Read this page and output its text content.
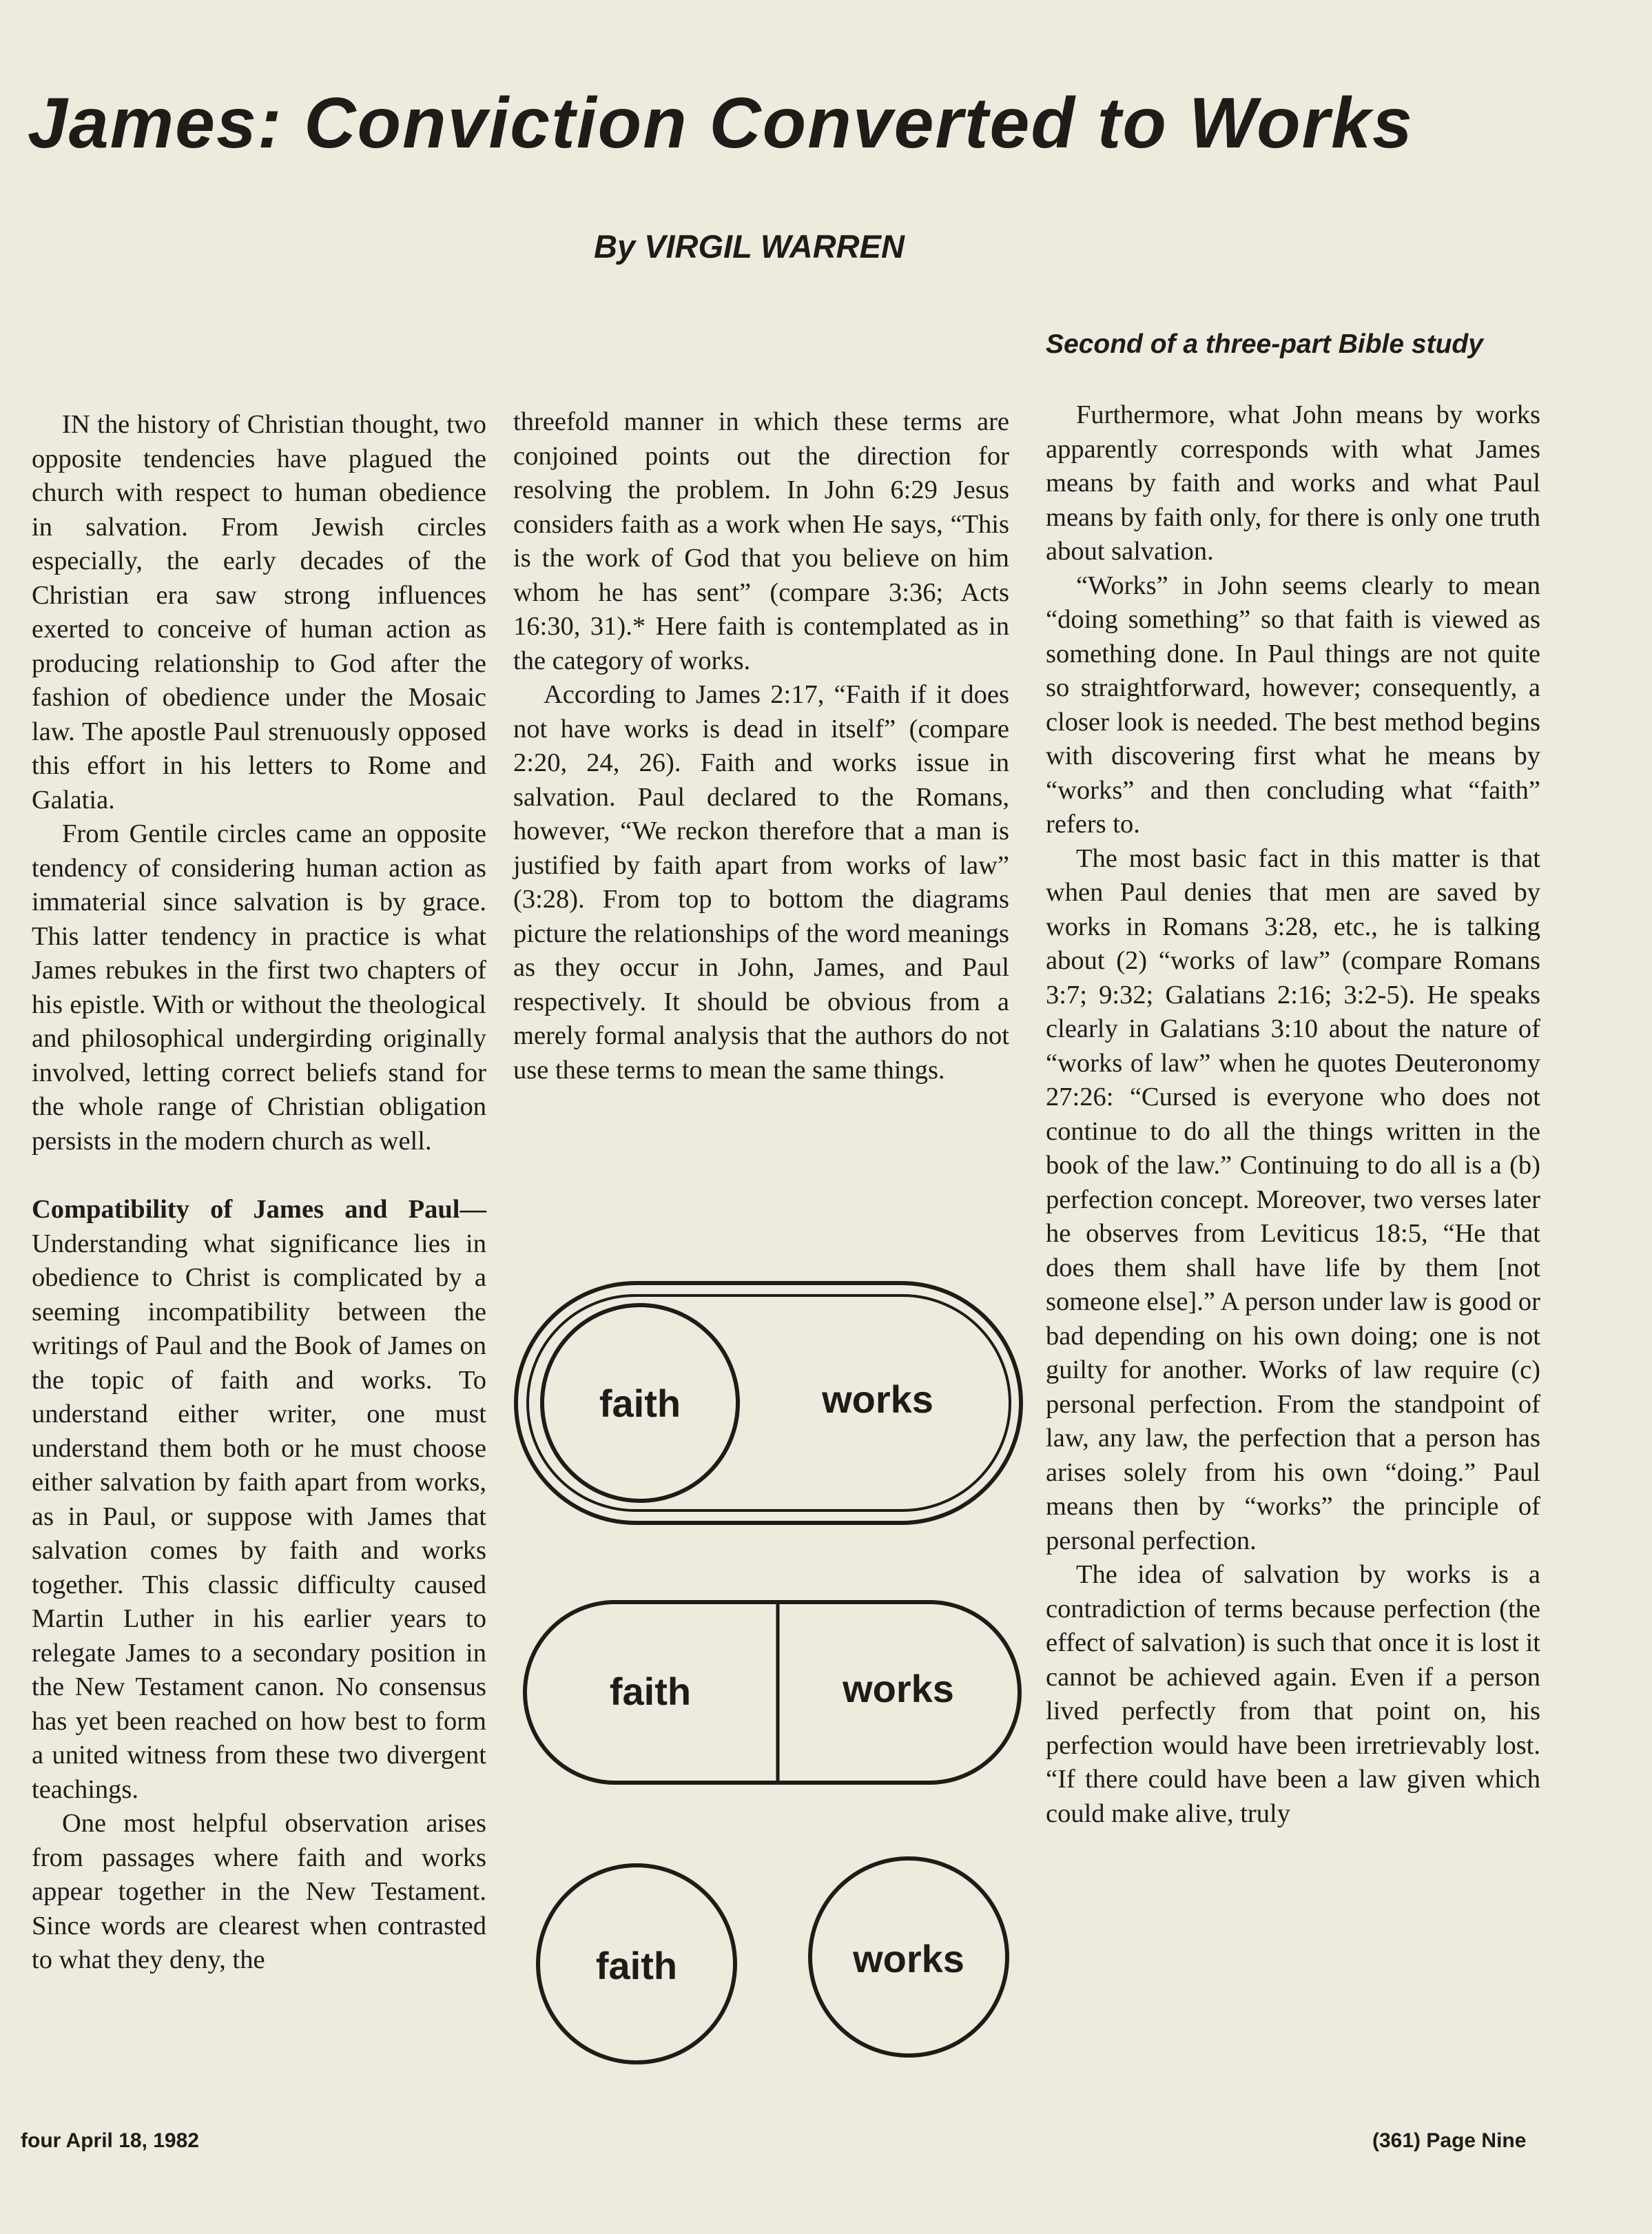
James: Conviction Converted to Works
By VIRGIL WARREN
Second of a three-part Bible study

IN the history of Christian thought, two opposite tendencies have plagued the church with respect to human obedience in salvation. From Jewish circles especially, the early decades of the Christian era saw strong influences exerted to conceive of human action as producing relationship to God after the fashion of obedience under the Mosaic law. The apostle Paul strenuously opposed this effort in his letters to Rome and Galatia.

From Gentile circles came an opposite tendency of considering human action as immaterial since salvation is by grace. This latter tendency in practice is what James rebukes in the first two chapters of his epistle. With or without the theological and philosophical undergirding originally involved, letting correct beliefs stand for the whole range of Christian obligation persists in the modern church as well.

Compatibility of James and Paul—Understanding what significance lies in obedience to Christ is complicated by a seeming incompatibility between the writings of Paul and the Book of James on the topic of faith and works. To understand either writer, one must understand them both or he must choose either salvation by faith apart from works, as in Paul, or suppose with James that salvation comes by faith and works together. This classic difficulty caused Martin Luther in his earlier years to relegate James to a secondary position in the New Testament canon. No consensus has yet been reached on how best to form a united witness from these two divergent teachings.

One most helpful observation arises from passages where faith and works appear together in the New Testament. Since words are clearest when contrasted to what they deny, the

threefold manner in which these terms are conjoined points out the direction for resolving the problem. In John 6:29 Jesus considers faith as a work when He says, “This is the work of God that you believe on him whom he has sent” (compare 3:36; Acts 16:30, 31).* Here faith is contemplated as in the category of works.

According to James 2:17, “Faith if it does not have works is dead in itself” (compare 2:20, 24, 26). Faith and works issue in salvation. Paul declared to the Romans, however, “We reckon therefore that a man is justified by faith apart from works of law” (3:28). From top to bottom the diagrams picture the relationships of the word meanings as they occur in John, James, and Paul respectively. It should be obvious from a merely formal analysis that the authors do not use these terms to mean the same things.

faith	works
faith	works
faith	works

Furthermore, what John means by works apparently corresponds with what James means by faith and works and what Paul means by faith only, for there is only one truth about salvation.

“Works” in John seems clearly to mean “doing something” so that faith is viewed as something done. In Paul things are not quite so straightforward, however; consequently, a closer look is needed. The best method begins with discovering first what he means by “works” and then concluding what “faith” refers to.

The most basic fact in this matter is that when Paul denies that men are saved by works in Romans 3:28, etc., he is talking about (2) “works of law” (compare Romans 3:7; 9:32; Galatians 2:16; 3:2-5). He speaks clearly in Galatians 3:10 about the nature of “works of law” when he quotes Deuteronomy 27:26: “Cursed is everyone who does not continue to do all the things written in the book of the law.” Continuing to do all is a (b) perfection concept. Moreover, two verses later he observes from Leviticus 18:5, “He that does them shall have life by them [not someone else].” A person under law is good or bad depending on his own doing; one is not guilty for another. Works of law require (c) personal perfection. From the standpoint of law, any law, the perfection that a person has arises solely from his own “doing.” Paul means then by “works” the principle of personal perfection.

The idea of salvation by works is a contradiction of terms because perfection (the effect of salvation) is such that once it is lost it cannot be achieved again. Even if a person lived perfectly from that point on, his perfection would have been irretrievably lost. “If there could have been a law given which could make alive, truly

four April 18, 1982	(361) Page Nine
